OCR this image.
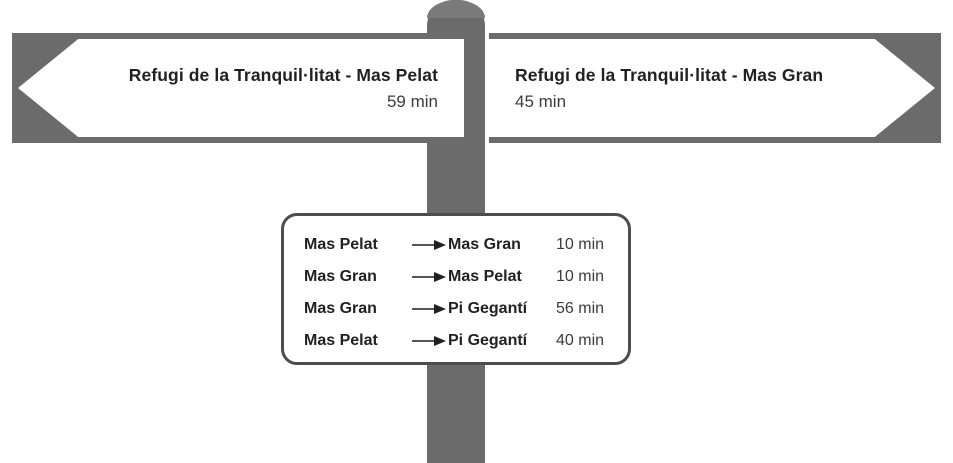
Refugi de la Tranquil·litat - Mas Pelat
59 min
Refugi de la Tranquil·litat - Mas Gran
45 min
Mas Pelat	Mas Gran	10 min
Mas Gran	Mas Pelat	10 min
Mas Gran	Pi Gegantí	56 min
Mas Pelat	Pi Gegantí	40 min
